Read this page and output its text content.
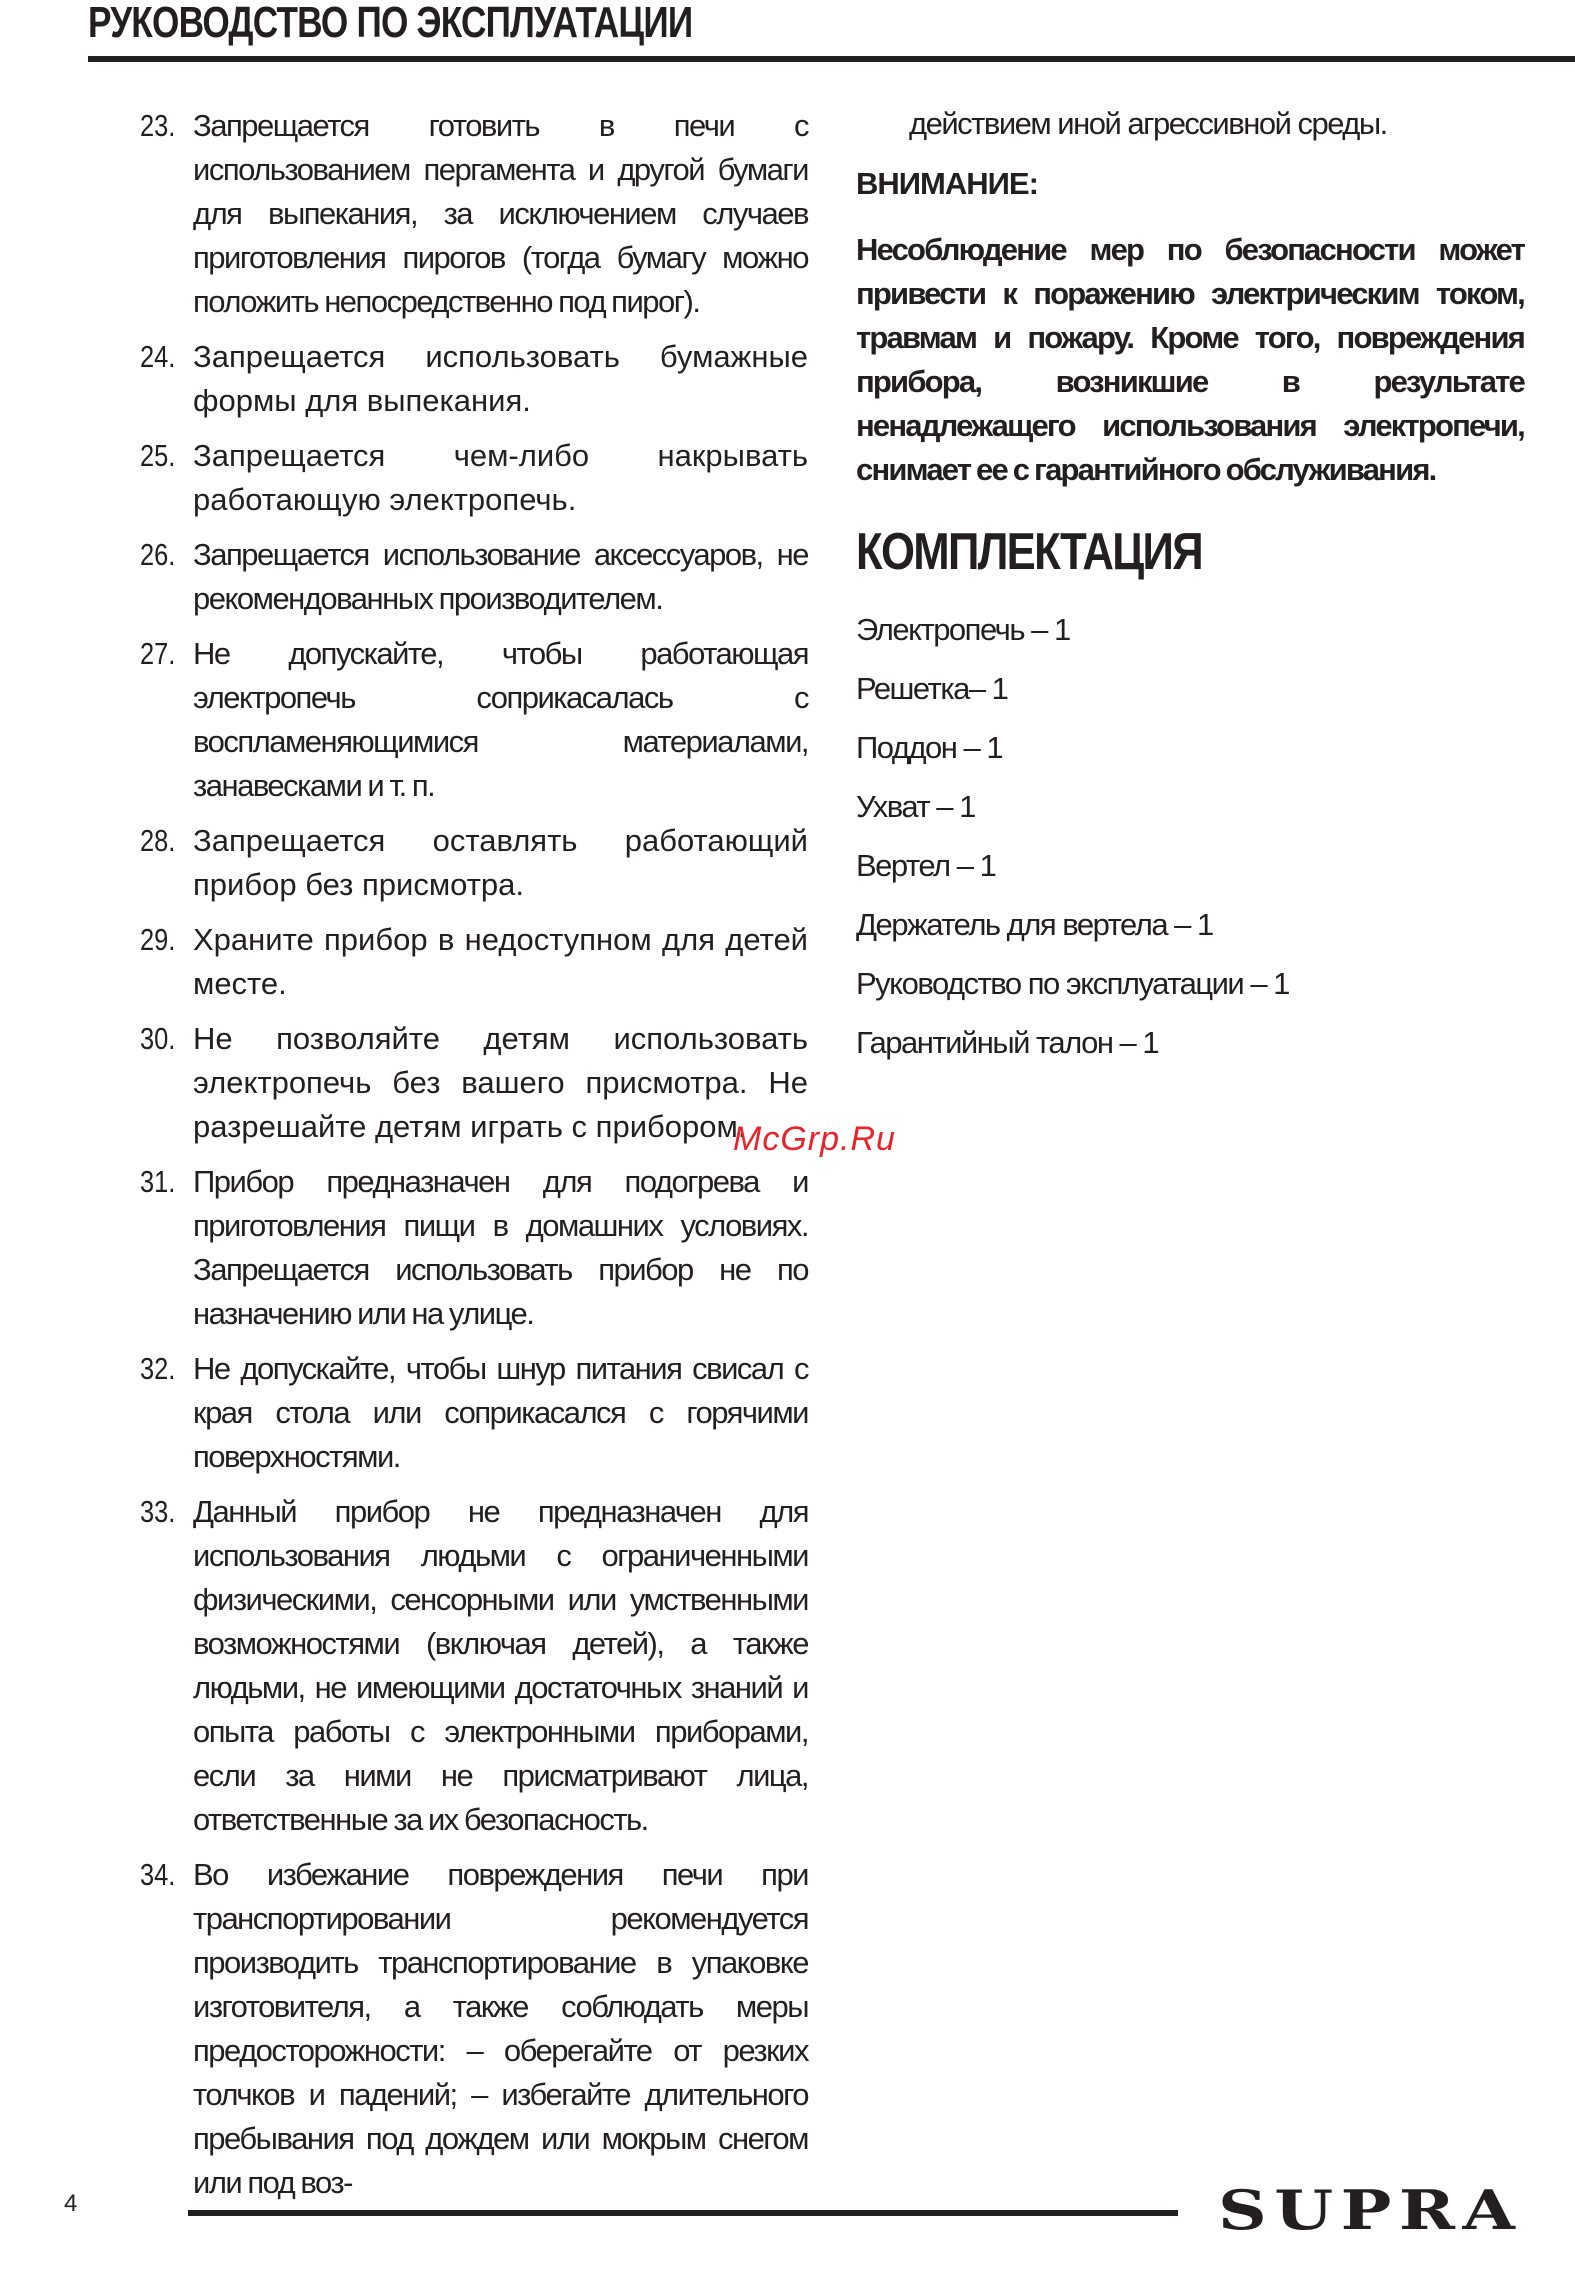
РУКОВОДСТВО ПО ЭКСПЛУАТАЦИИ
23. Запрещается готовить в печи с использованием пергамента и другой бумаги для выпекания, за исключением случаев приготовления пирогов (тогда бумагу можно положить непосредственно под пирог).
24. Запрещается использовать бумажные формы для выпекания.
25. Запрещается чем-либо накрывать работающую электропечь.
26. Запрещается использование аксессуаров, не рекомендованных производителем.
27. Не допускайте, чтобы работающая электропечь соприкасалась с воспламеняющимися материалами, занавесками и т. п.
28. Запрещается оставлять работающий прибор без присмотра.
29. Храните прибор в недоступном для детей месте.
30. Не позволяйте детям использовать электропечь без вашего присмотра. Не разрешайте детям играть с прибором.
31. Прибор предназначен для подогрева и приготовления пищи в домашних условиях. Запрещается использовать прибор не по назначению или на улице.
32. Не допускайте, чтобы шнур питания свисал с края стола или соприкасался с горячими поверхностями.
33. Данный прибор не предназначен для использования людьми с ограниченными физическими, сенсорными или умственными возможностями (включая детей), а также людьми, не имеющими достаточных знаний и опыта работы с электронными приборами, если за ними не присматривают лица, ответственные за их безопасность.
34. Во избежание повреждения печи при транспортировании рекомендуется производить транспортирование в упаковке изготовителя, а также соблюдать меры предосторожности: – оберегайте от резких толчков и падений; – избегайте длительного пребывания под дождем или мокрым снегом или под воз-

действием иной агрессивной среды.

ВНИМАНИЕ:

Несоблюдение мер по безопасности может привести к поражению электрическим током, травмам и пожару. Кроме того, повреждения прибора, возникшие в результате ненадлежащего использования электропечи, снимает ее с гарантийного обслуживания.

КОМПЛЕКТАЦИЯ
Электропечь – 1
Решетка– 1
Поддон – 1
Ухват – 1
Вертел – 1
Держатель для вертела – 1
Руководство по эксплуатации – 1
Гарантийный талон – 1
McGrp.Ru
4	SUPRA
